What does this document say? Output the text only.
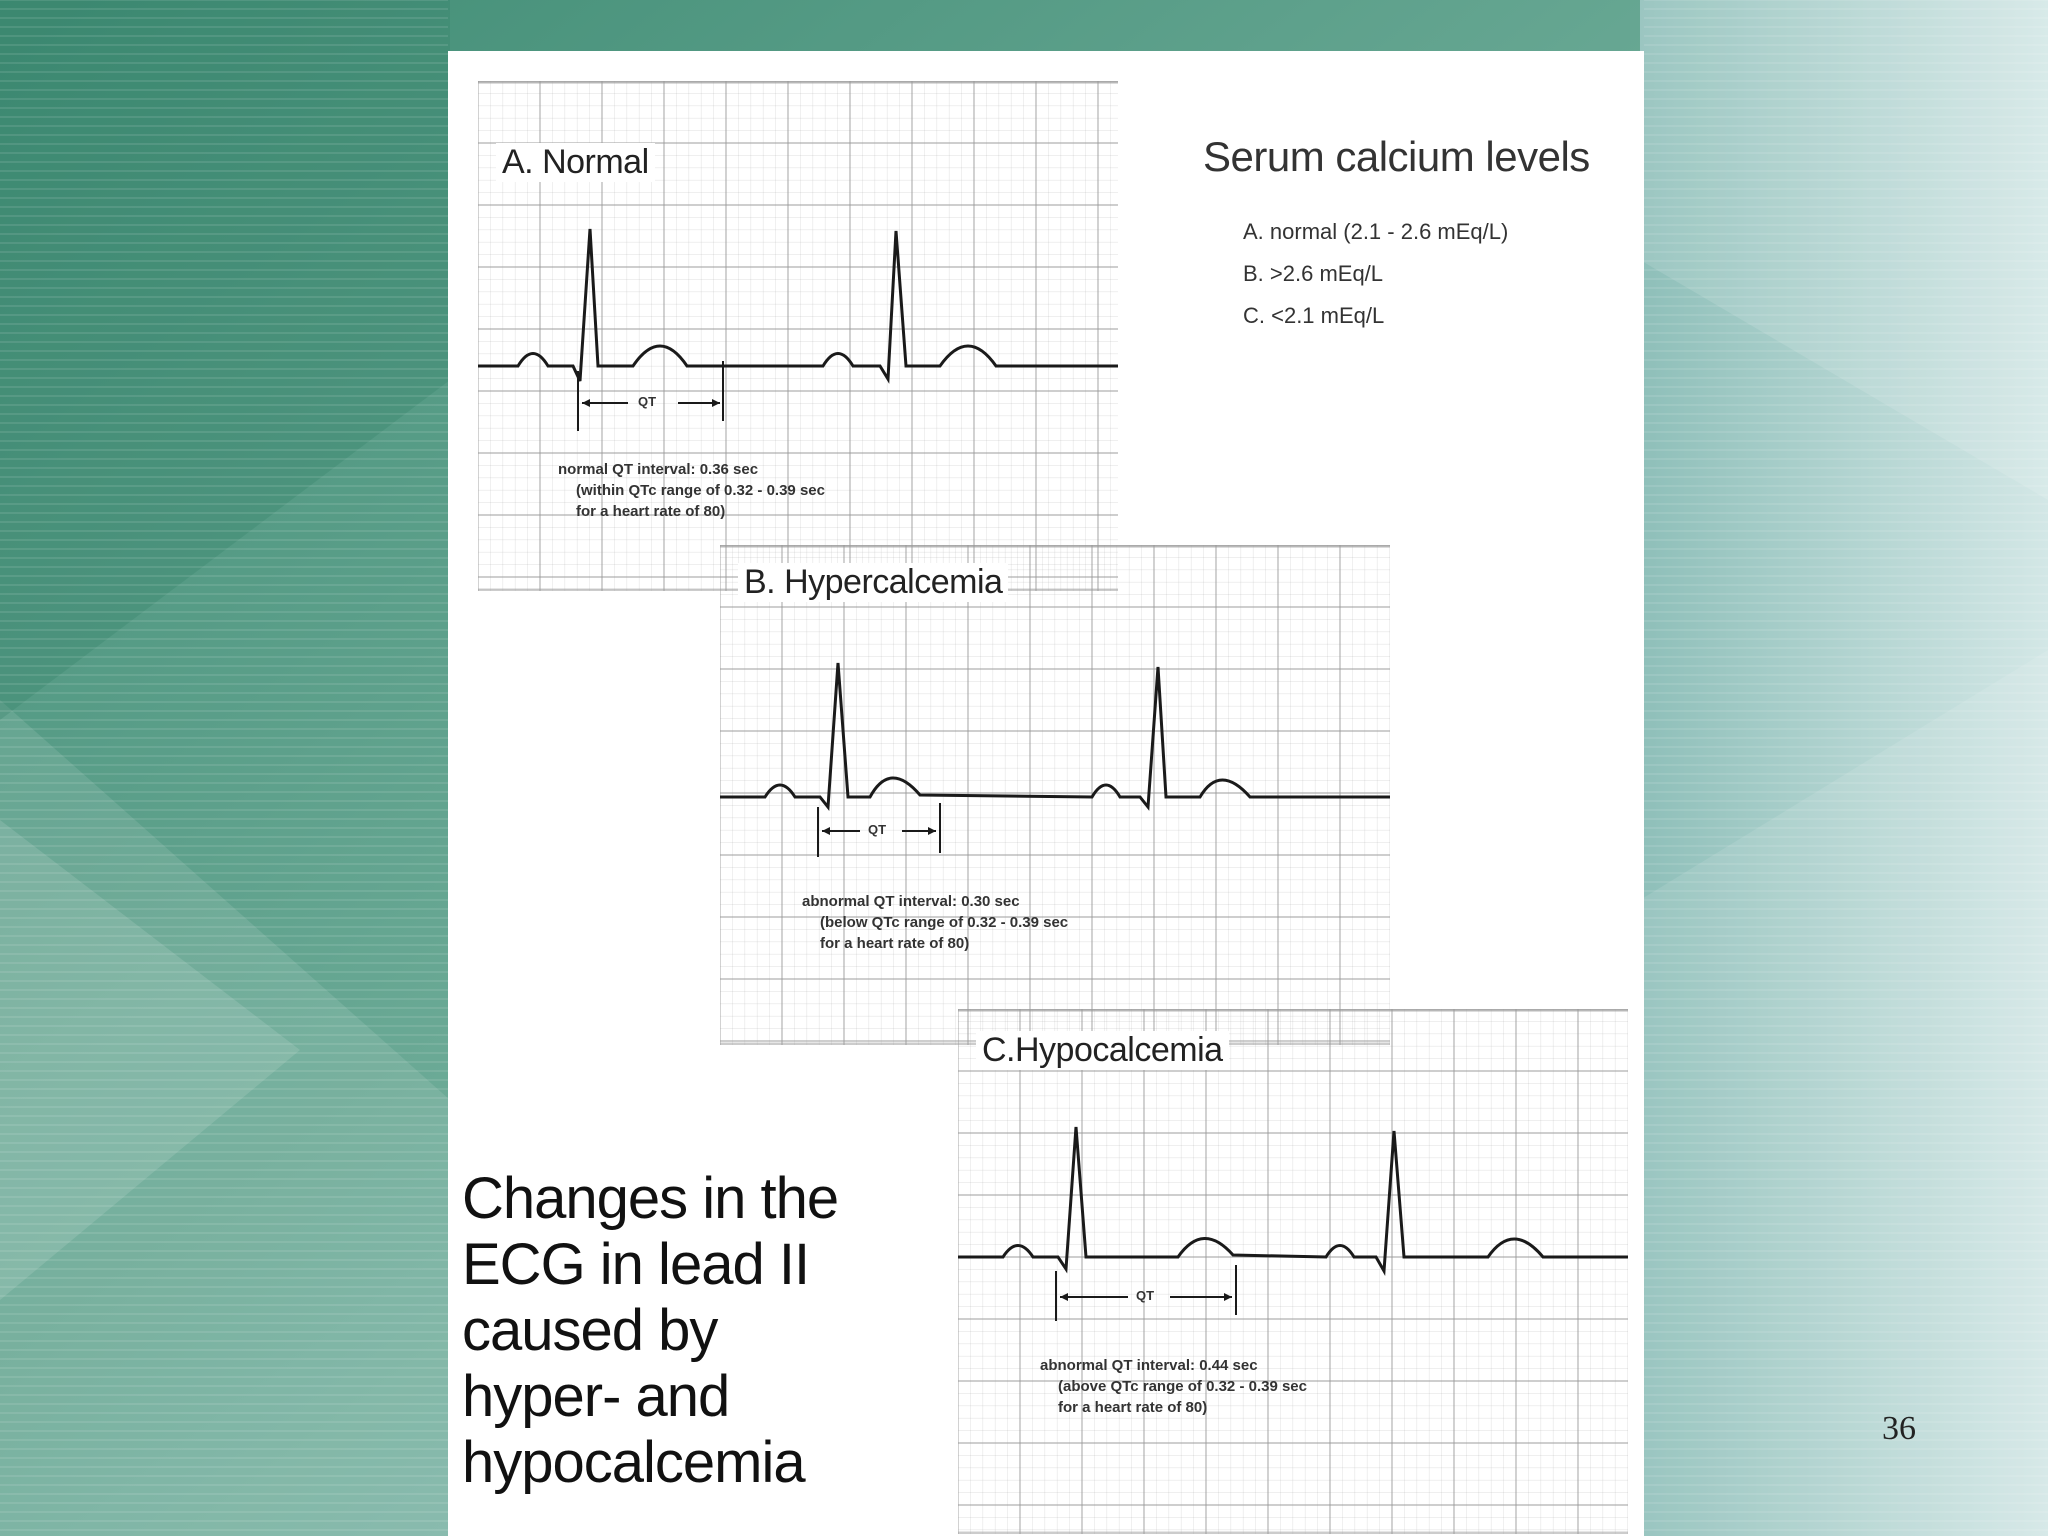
QT
A. Normal
normal QT interval: 0.36 sec
(within QTc range of 0.32 - 0.39 sec
for a heart rate of 80)
Serum calcium levels
A. normal (2.1 - 2.6 mEq/L)
B. >2.6 mEq/L
C. <2.1 mEq/L
QT
B. Hypercalcemia
abnormal QT interval: 0.30 sec
(below QTc range of 0.32 - 0.39 sec
for a heart rate of 80)
Changes in the
ECG in lead II
caused by
hyper- and
hypocalcemia
QT
C.Hypocalcemia
abnormal QT interval: 0.44 sec
(above QTc range of 0.32 - 0.39 sec
for a heart rate of 80)
36
